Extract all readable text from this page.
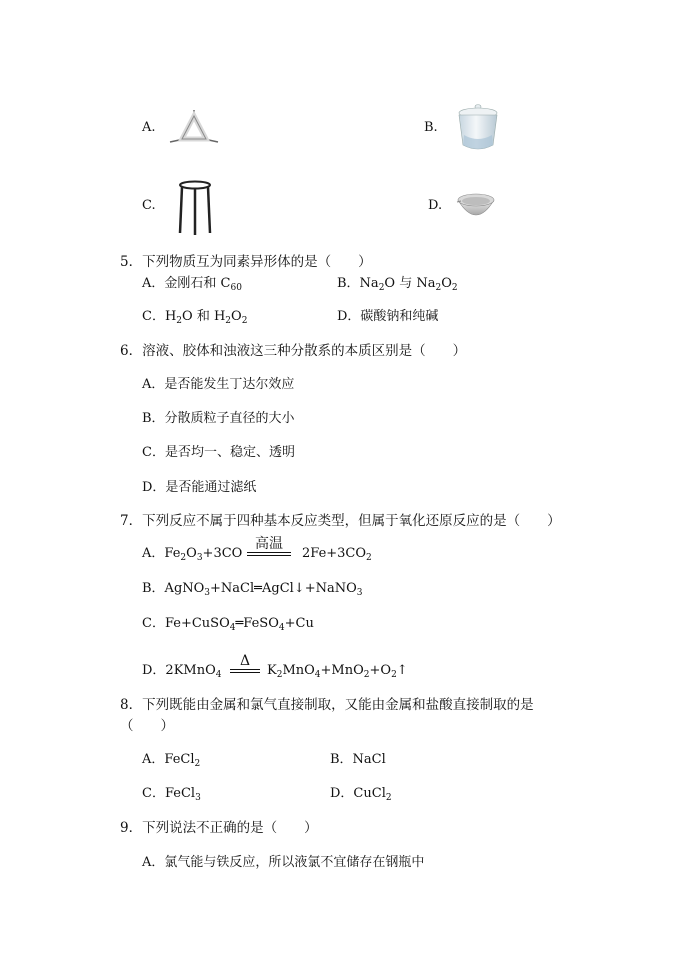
A.	B.
C.	D.
5．下列物质互为同素异形体的是（　　）
A．金刚石和 $C_{60}$	B．$Na_2O$ 与 $Na_2O_2$
C．$H_2O$ 和 $H_2O_2$	D．碳酸钠和纯碱
6．溶液、胶体和浊液这三种分散系的本质区别是（　　）
A．是否能发生丁达尔效应
B．分散质粒子直径的大小
C．是否均一、稳定、透明
D．是否能通过滤纸
7．下列反应不属于四种基本反应类型，但属于氧化还原反应的是（　　）
A．$Fe_2O_3+3CO$
高温
$2Fe+3CO_2$
B．AgNO$_3$+NaCl═AgCl↓+NaNO$_3$
C．Fe+CuSO$_4$═FeSO$_4$+Cu
D．2KMnO$_4$
Δ
$K_2MnO_4+MnO_2+O_2↑$
8．下列既能由金属和氯气直接制取，又能由金属和盐酸直接制取的是
（　　）
A．FeCl$_2$	B．NaCl
C．FeCl$_3$	D．CuCl$_2$
9．下列说法不正确的是（　　）
A．氯气能与铁反应，所以液氯不宜储存在钢瓶中
